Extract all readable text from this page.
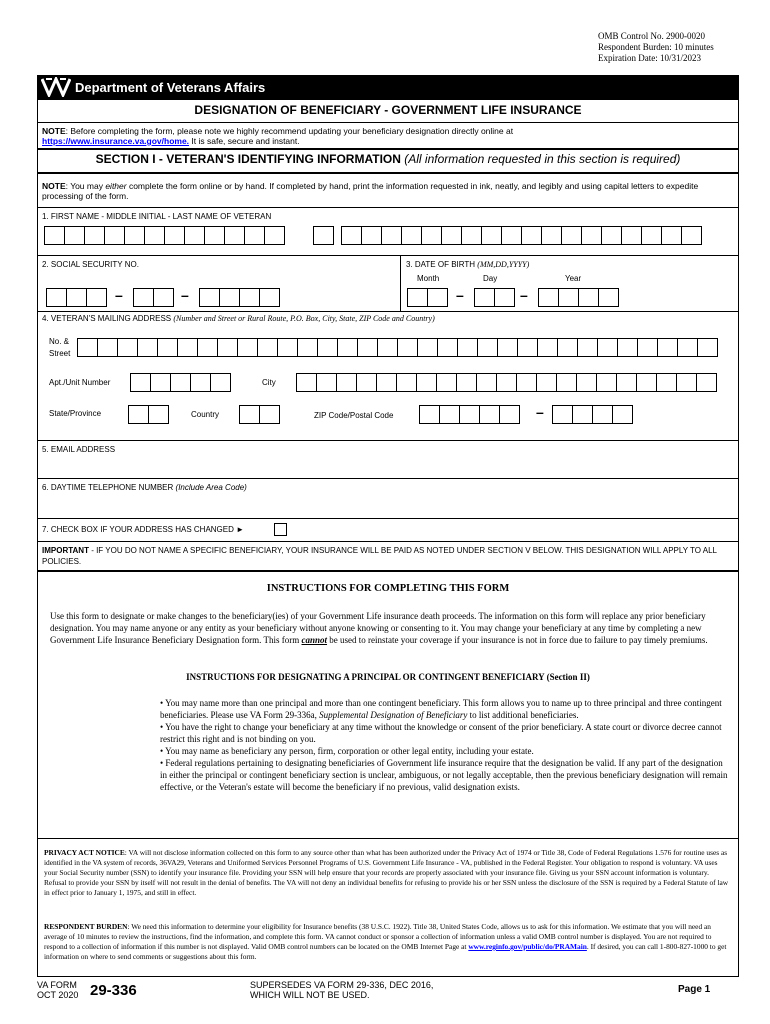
OMB Control No. 2900-0020
Respondent Burden: 10 minutes
Expiration Date: 10/31/2023
Department of Veterans Affairs
DESIGNATION OF BENEFICIARY - GOVERNMENT LIFE INSURANCE
NOTE: Before completing the form, please note we highly recommend updating your beneficiary designation directly online at
https://www.insurance.va.gov/home. It is safe, secure and instant.
SECTION I - VETERAN'S IDENTIFYING INFORMATION (All information requested in this section is required)
NOTE: You may either complete the form online or by hand. If completed by hand, print the information requested in ink, neatly, and legibly and using capital letters to expedite processing of the form.
1. FIRST NAME - MIDDLE INITIAL - LAST NAME OF VETERAN
2. SOCIAL SECURITY NO.	3. DATE OF BIRTH (MM,DD,YYYY)
Month	Day	Year
–	–	–	–
4. VETERAN'S MAILING ADDRESS (Number and Street or Rural Route, P.O. Box, City, State, ZIP Code and Country)
No. &
Street
Apt./Unit Number	City
State/Province	Country	ZIP Code/Postal Code	–
5. EMAIL ADDRESS
6. DAYTIME TELEPHONE NUMBER (Include Area Code)
7. CHECK BOX IF YOUR ADDRESS HAS CHANGED ►
IMPORTANT - IF YOU DO NOT NAME A SPECIFIC BENEFICIARY, YOUR INSURANCE WILL BE PAID AS NOTED UNDER SECTION V BELOW. THIS DESIGNATION WILL APPLY TO ALL POLICIES.
INSTRUCTIONS FOR COMPLETING THIS FORM
Use this form to designate or make changes to the beneficiary(ies) of your Government Life insurance death proceeds. The information on this form will replace any prior beneficiary designation. You may name anyone or any entity as your beneficiary without anyone knowing or consenting to it. You may change your beneficiary at any time by completing a new Government Life Insurance Beneficiary Designation form. This form cannot be used to reinstate your coverage if your insurance is not in force due to failure to pay timely premiums.
INSTRUCTIONS FOR DESIGNATING A PRINCIPAL OR CONTINGENT BENEFICIARY (Section II)
• You may name more than one principal and more than one contingent beneficiary. This form allows you to name up to three principal and three contingent beneficiaries. Please use VA Form 29-336a, Supplemental Designation of Beneficiary to list additional beneficiaries.
• You have the right to change your beneficiary at any time without the knowledge or consent of the prior beneficiary. A state court or divorce decree cannot restrict this right and is not binding on you.
• You may name as beneficiary any person, firm, corporation or other legal entity, including your estate.
• Federal regulations pertaining to designating beneficiaries of Government life insurance require that the designation be valid. If any part of the designation in either the principal or contingent beneficiary section is unclear, ambiguous, or not legally acceptable, then the previous beneficiary designation will remain effective, or the Veteran's estate will become the beneficiary if no previous, valid designation exists.
PRIVACY ACT NOTICE: VA will not disclose information collected on this form to any source other than what has been authorized under the Privacy Act of 1974 or Title 38, Code of Federal Regulations 1.576 for routine uses as identified in the VA system of records, 36VA29, Veterans and Uniformed Services Personnel Programs of U.S. Government Life Insurance - VA, published in the Federal Register. Your obligation to respond is voluntary. VA uses your Social Security number (SSN) to identify your insurance file. Providing your SSN will help ensure that your records are properly associated with your insurance file. Giving us your SSN account information is voluntary. Refusal to provide your SSN by itself will not result in the denial of benefits. The VA will not deny an individual benefits for refusing to provide his or her SSN unless the disclosure of the SSN is required by a Federal Statute of law in effect prior to January 1, 1975, and still in effect.
RESPONDENT BURDEN: We need this information to determine your eligibility for Insurance benefits (38 U.S.C. 1922). Title 38, United States Code, allows us to ask for this information. We estimate that you will need an average of 10 minutes to review the instructions, find the information, and complete this form. VA cannot conduct or sponsor a collection of information unless a valid OMB control number is displayed. You are not required to respond to a collection of information if this number is not displayed. Valid OMB control numbers can be located on the OMB Internet Page at www.reginfo.gov/public/do/PRAMain. If desired, you can call 1-800-827-1000 to get information on where to send comments or suggestions about this form.
VA FORM
OCT 2020 29-336	SUPERSEDES VA FORM 29-336, DEC 2016,
WHICH WILL NOT BE USED.	Page 1
